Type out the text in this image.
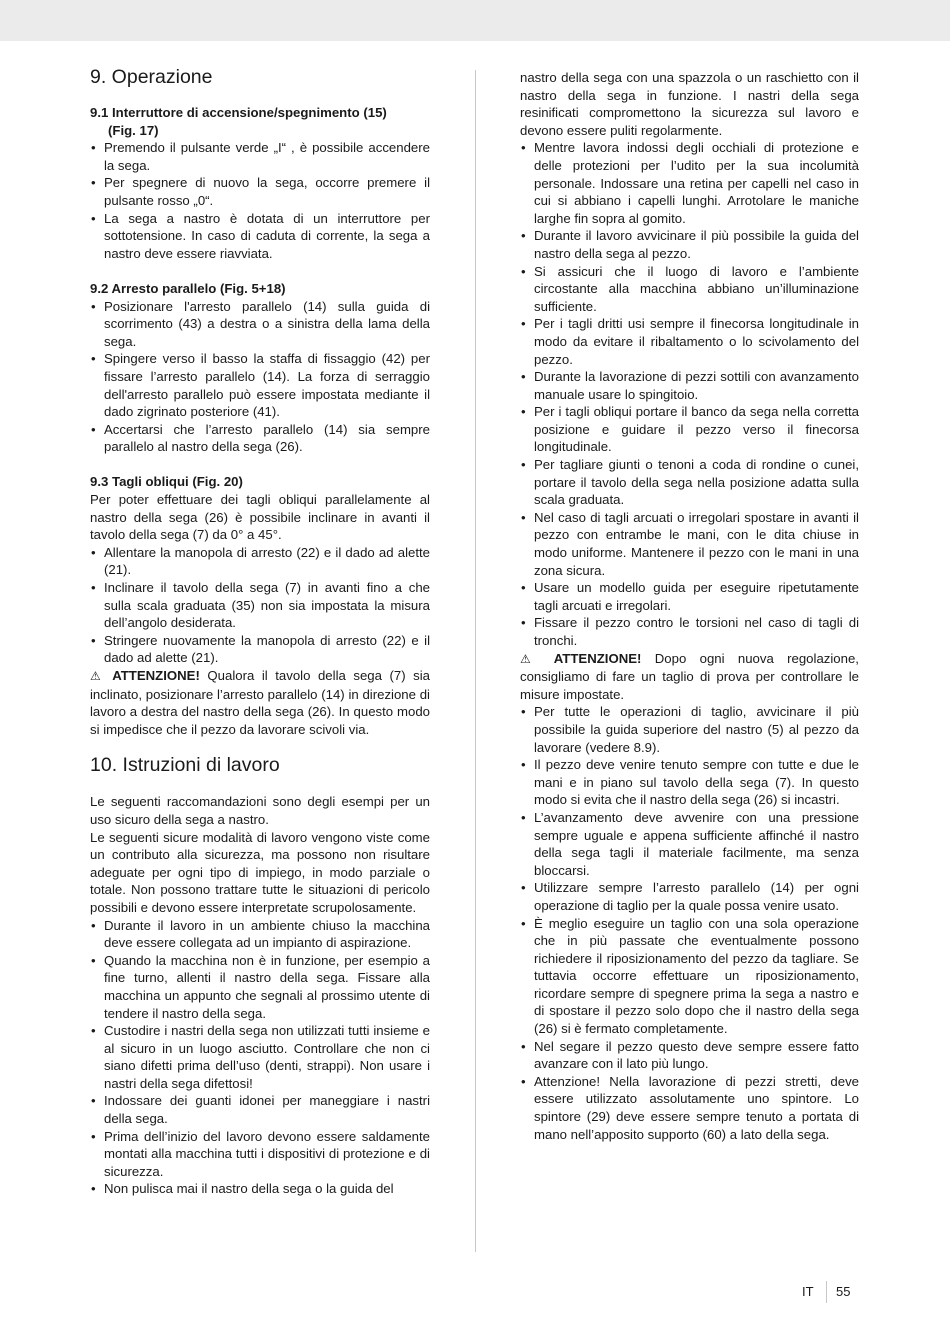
9. Operazione
9.1 Interruttore di accensione/spegnimento (15)
(Fig. 17)
• Premendo il pulsante verde „I“ , è possibile accendere la sega.
• Per spegnere di nuovo la sega, occorre premere il pulsante rosso „0“.
• La sega a nastro è dotata di un interruttore per sottotensione. In caso di caduta di corrente, la sega a nastro deve essere riavviata.
9.2 Arresto parallelo (Fig. 5+18)
• Posizionare l'arresto parallelo (14) sulla guida di scorrimento (43) a destra o a sinistra della lama della sega.
• Spingere verso il basso la staffa di fissaggio (42) per fissare l’arresto parallelo (14). La forza di serraggio dell'arresto parallelo può essere impostata mediante il dado zigrinato posteriore (41).
• Accertarsi che l’arresto parallelo (14) sia sempre parallelo al nastro della sega (26).
9.3 Tagli obliqui (Fig. 20)

Per poter effettuare dei tagli obliqui parallelamente al nastro della sega (26) è possibile inclinare in avanti il tavolo della sega (7) da 0° a 45°.

• Allentare la manopola di arresto (22) e il dado ad alette (21).
• Inclinare il tavolo della sega (7) in avanti fino a che sulla scala graduata (35) non sia impostata la misura dell’angolo desiderata.
• Stringere nuovamente la manopola di arresto (22) e il dado ad alette (21).

⚠ ATTENZIONE! Qualora il tavolo della sega (7) sia inclinato, posizionare l’arresto parallelo (14) in direzione di lavoro a destra del nastro della sega (26). In questo modo si impedisce che il pezzo da lavorare scivoli via.

10. Istruzioni di lavoro

Le seguenti raccomandazioni sono degli esempi per un uso sicuro della sega a nastro.

Le seguenti sicure modalità di lavoro vengono viste come un contributo alla sicurezza, ma possono non risultare adeguate per ogni tipo di impiego, in modo parziale o totale. Non possono trattare tutte le situazioni di pericolo possibili e devono essere interpretate scrupolosamente.

• Durante il lavoro in un ambiente chiuso la macchina deve essere collegata ad un impianto di aspirazione.
• Quando la macchina non è in funzione, per esempio a fine turno, allenti il nastro della sega. Fissare alla macchina un appunto che segnali al prossimo utente di tendere il nastro della sega.
• Custodire i nastri della sega non utilizzati tutti insieme e al sicuro in un luogo asciutto. Controllare che non ci siano difetti prima dell’uso (denti, strappi). Non usare i nastri della sega difettosi!
• Indossare dei guanti idonei per maneggiare i nastri della sega.
• Prima dell’inizio del lavoro devono essere saldamente montati alla macchina tutti i dispositivi di protezione e di sicurezza.
• Non pulisca mai il nastro della sega o la guida del

nastro della sega con una spazzola o un raschietto con il nastro della sega in funzione. I nastri della sega resinificati compromettono la sicurezza sul lavoro e devono essere puliti regolarmente.

• Mentre lavora indossi degli occhiali di protezione e delle protezioni per l’udito per la sua incolumità personale. Indossare una retina per capelli nel caso in cui si abbiano i capelli lunghi. Arrotolare le maniche larghe fin sopra al gomito.
• Durante il lavoro avvicinare il più possibile la guida del nastro della sega al pezzo.
• Si assicuri che il luogo di lavoro e l’ambiente circostante alla macchina abbiano un’illuminazione sufficiente.
• Per i tagli dritti usi sempre il finecorsa longitudinale in modo da evitare il ribaltamento o lo scivolamento del pezzo.
• Durante la lavorazione di pezzi sottili con avanzamento manuale usare lo spingitoio.
• Per i tagli obliqui portare il banco da sega nella corretta posizione e guidare il pezzo verso il finecorsa longitudinale.
• Per tagliare giunti o tenoni a coda di rondine o cunei, portare il tavolo della sega nella posizione adatta sulla scala graduata.
• Nel caso di tagli arcuati o irregolari spostare in avanti il pezzo con entrambe le mani, con le dita chiuse in modo uniforme. Mantenere il pezzo con le mani in una zona sicura.
• Usare un modello guida per eseguire ripetutamente tagli arcuati e irregolari.
• Fissare il pezzo contro le torsioni nel caso di tagli di tronchi.

⚠ ATTENZIONE! Dopo ogni nuova regolazione, consigliamo di fare un taglio di prova per controllare le misure impostate.

• Per tutte le operazioni di taglio, avvicinare il più possibile la guida superiore del nastro (5) al pezzo da lavorare (vedere 8.9).
• Il pezzo deve venire tenuto sempre con tutte e due le mani e in piano sul tavolo della sega (7). In questo modo si evita che il nastro della sega (26) si incastri.
• L’avanzamento deve avvenire con una pressione sempre uguale e appena sufficiente affinché il nastro della sega tagli il materiale facilmente, ma senza bloccarsi.
• Utilizzare sempre l’arresto parallelo (14) per ogni operazione di taglio per la quale possa venire usato.
• È meglio eseguire un taglio con una sola operazione che in più passate che eventualmente possono richiedere il riposizionamento del pezzo da tagliare. Se tuttavia occorre effettuare un riposizionamento, ricordare sempre di spegnere prima la sega a nastro e di spostare il pezzo solo dopo che il nastro della sega (26) si è fermato completamente.
• Nel segare il pezzo questo deve sempre essere fatto avanzare con il lato più lungo.
• Attenzione! Nella lavorazione di pezzi stretti, deve essere utilizzato assolutamente uno spintore. Lo spintore (29) deve essere sempre tenuto a portata di mano nell’apposito supporto (60) a lato della sega.
IT 55
